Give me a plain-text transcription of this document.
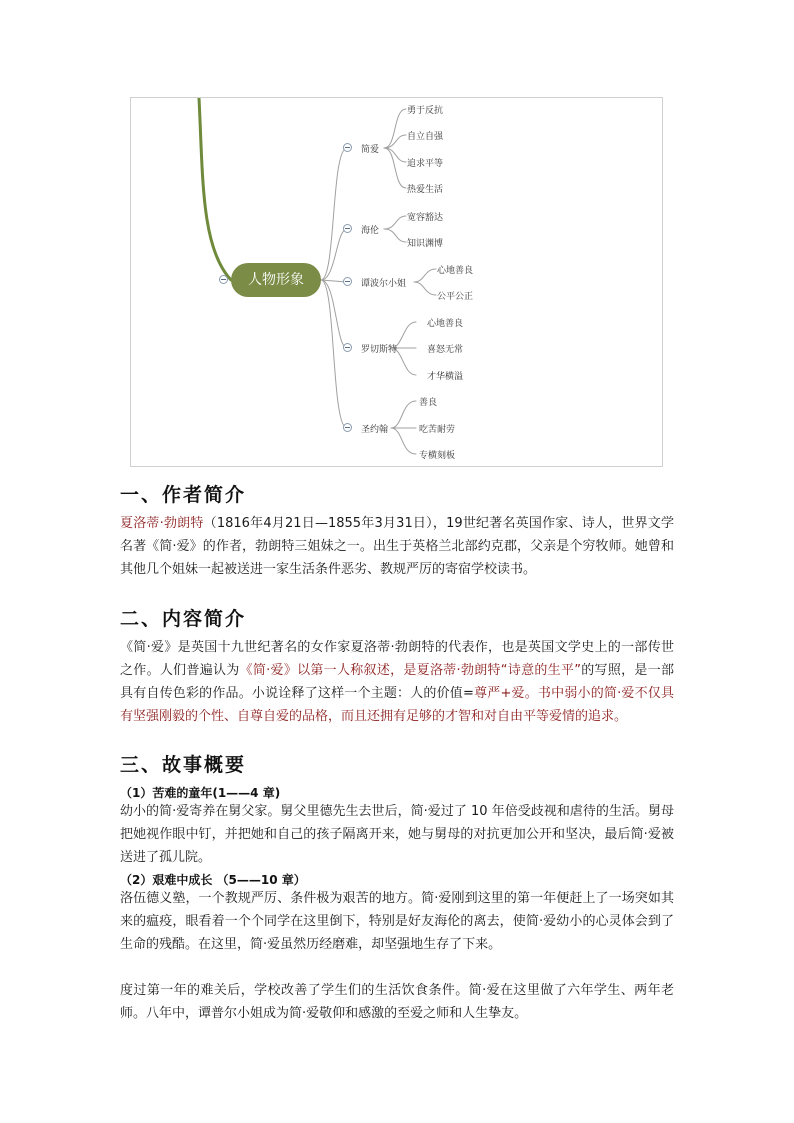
人物形象
简爱
勇于反抗
自立自强
追求平等
热爱生活
海伦
宽容豁达
知识渊博
谭波尔小姐
心地善良
公平公正
罗切斯特
心地善良
喜怒无常
才华横溢
圣约翰
善良
吃苦耐劳
专横刻板
一、作者简介

夏洛蒂·勃朗特（1816年4月21日—1855年3月31日），19世纪著名英国作家、诗人，世界文学名著《简·爱》的作者，勃朗特三姐妹之一。出生于英格兰北部约克郡，父亲是个穷牧师。她曾和其他几个姐妹一起被送进一家生活条件恶劣、教规严厉的寄宿学校读书。

二、内容简介

《简·爱》是英国十九世纪著名的女作家夏洛蒂·勃朗特的代表作，也是英国文学史上的一部传世之作。人们普遍认为《简·爱》以第一人称叙述，是夏洛蒂·勃朗特“诗意的生平”的写照，是一部具有自传色彩的作品。小说诠释了这样一个主题：人的价值=尊严+爱。书中弱小的简·爱不仅具有坚强刚毅的个性、自尊自爱的品格，而且还拥有足够的才智和对自由平等爱情的追求。

三、故事概要

（1）苦难的童年(1——4 章)

幼小的简·爱寄养在舅父家。舅父里德先生去世后，简·爱过了 10 年倍受歧视和虐待的生活。舅母把她视作眼中钉，并把她和自己的孩子隔离开来，她与舅母的对抗更加公开和坚决，最后简·爱被送进了孤儿院。

（2）艰难中成长 （5——10 章）

洛伍德义塾，一个教规严厉、条件极为艰苦的地方。简·爱刚到这里的第一年便赶上了一场突如其来的瘟疫，眼看着一个个同学在这里倒下，特别是好友海伦的离去，使简·爱幼小的心灵体会到了生命的残酷。在这里，简·爱虽然历经磨难，却坚强地生存了下来。

度过第一年的难关后，学校改善了学生们的生活饮食条件。简·爱在这里做了六年学生、两年老师。八年中，谭普尔小姐成为简·爱敬仰和感激的至爱之师和人生挚友。
